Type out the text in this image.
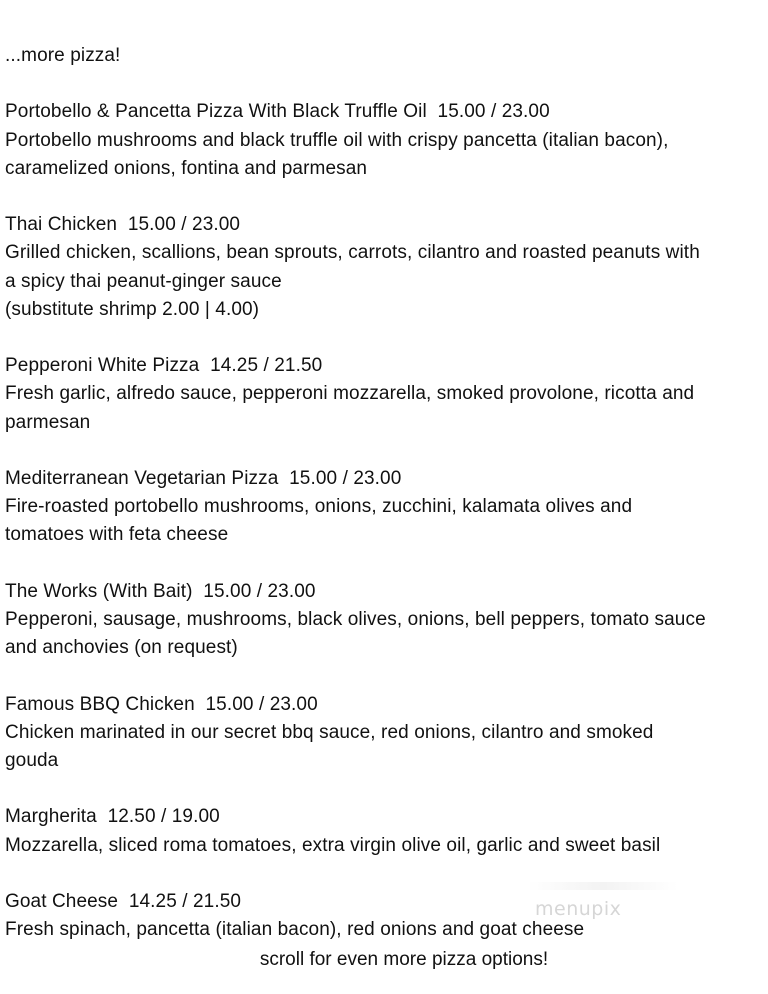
...more pizza!

Portobello & Pancetta Pizza With Black Truffle Oil  15.00 / 23.00

Portobello mushrooms and black truffle oil with crispy pancetta (italian bacon),

caramelized onions, fontina and parmesan

Thai Chicken  15.00 / 23.00

Grilled chicken, scallions, bean sprouts, carrots, cilantro and roasted peanuts with

a spicy thai peanut-ginger sauce

(substitute shrimp 2.00 | 4.00)

Pepperoni White Pizza  14.25 / 21.50

Fresh garlic, alfredo sauce, pepperoni mozzarella, smoked provolone, ricotta and

parmesan

Mediterranean Vegetarian Pizza  15.00 / 23.00

Fire-roasted portobello mushrooms, onions, zucchini, kalamata olives and

tomatoes with feta cheese

The Works (With Bait)  15.00 / 23.00

Pepperoni, sausage, mushrooms, black olives, onions, bell peppers, tomato sauce

and anchovies (on request)

Famous BBQ Chicken  15.00 / 23.00

Chicken marinated in our secret bbq sauce, red onions, cilantro and smoked

gouda

Margherita  12.50 / 19.00

Mozzarella, sliced roma tomatoes, extra virgin olive oil, garlic and sweet basil

Goat Cheese  14.25 / 21.50

Fresh spinach, pancetta (italian bacon), red onions and goat cheese

menupix
scroll for even more pizza options!
